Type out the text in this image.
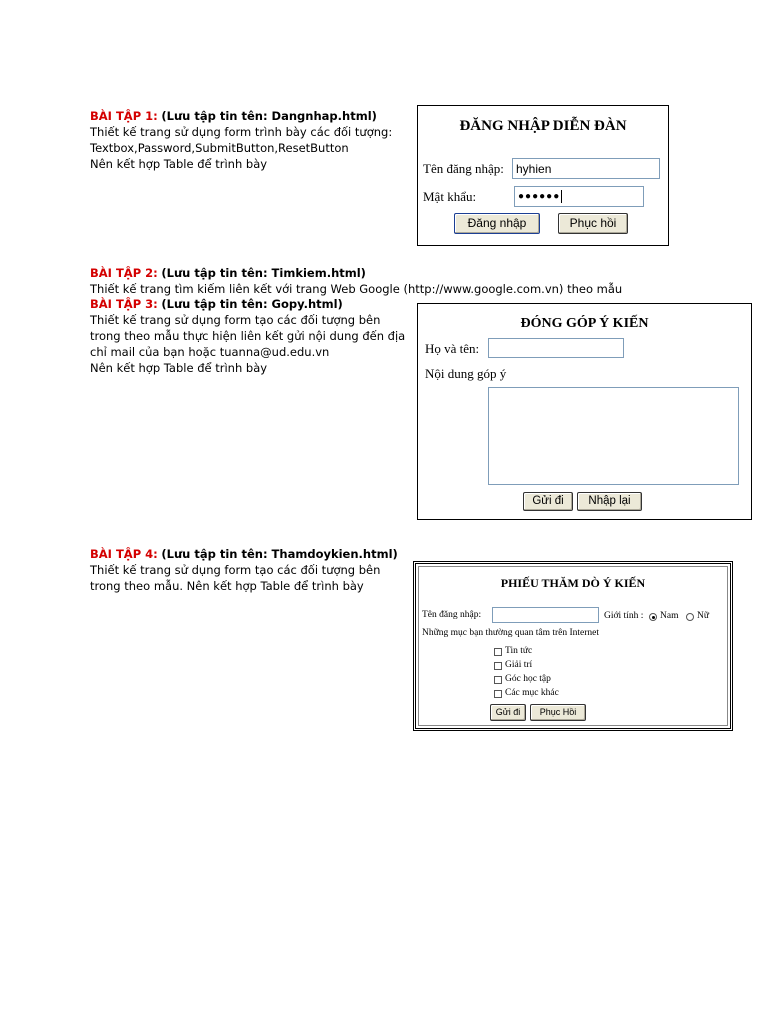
BÀI TẬP 1: (Lưu tập tin tên: Dangnhap.html)
Thiết kế trang sử dụng form trình bày các đối tượng:
Textbox,Password,SubmitButton,ResetButton
Nên kết hợp Table để trình bày
ĐĂNG NHẬP DIỄN ĐÀN
Tên đăng nhập:
hyhien
Mật khẩu:	●●●●●●
Đăng nhập	Phục hồi
BÀI TẬP 2: (Lưu tập tin tên: Timkiem.html)
Thiết kế trang tìm kiếm liên kết với trang Web Google (http://www.google.com.vn) theo mẫu
BÀI TẬP 3: (Lưu tập tin tên: Gopy.html)
Thiết kế trang sử dụng form tạo các đối tượng bên
trong theo mẫu thực hiện liên kết gửi nội dung đến địa
chỉ mail của bạn hoặc tuanna@ud.edu.vn
Nên kết hợp Table để trình bày
ĐÓNG GÓP Ý KIẾN
Họ và tên:
Nội dung góp ý
Gửi đi	Nhập lại
BÀI TẬP 4: (Lưu tập tin tên: Thamdoykien.html)
Thiết kế trang sử dụng form tạo các đối tượng bên
trong theo mẫu. Nên kết hợp Table để trình bày	PHIẾU THĂM DÒ Ý KIẾN
Tên đăng nhập:	Giới tính : Nam Nữ
Những mục bạn thường quan tâm trên Internet
Tin tức
Giải trí
Góc học tập
Các mục khác
Gửi đi	Phục Hồi
